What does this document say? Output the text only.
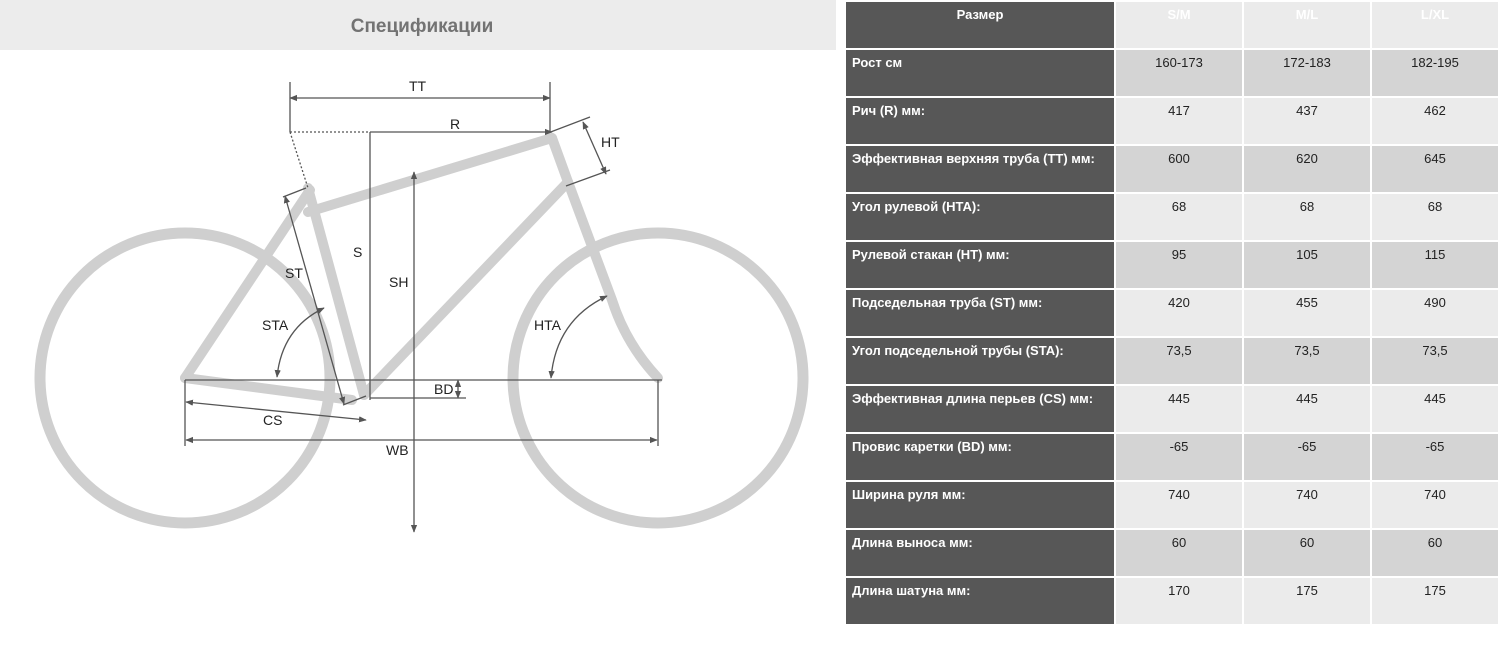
Спецификации
TT
R
HT
S
ST
SH
STA	HTA
BD
CS
WB
Размер	S/M	M/L	L/XL
Рост см	160-173	172-183	182-195
Рич (R) мм:	417	437	462
Эффективная верхняя труба (TT) мм:	600	620	645
Угол рулевой (HTA):	68	68	68
Рулевой стакан (HT) мм:	95	105	115
Подседельная труба (ST) мм:	420	455	490
Угол подседельной трубы (STA):	73,5	73,5	73,5
Эффективная длина перьев (CS) мм:	445	445	445
Провис каретки (BD) мм:	-65	-65	-65
Ширина руля мм:	740	740	740
Длина выноса мм:	60	60	60
Длина шатуна мм:	170	175	175
